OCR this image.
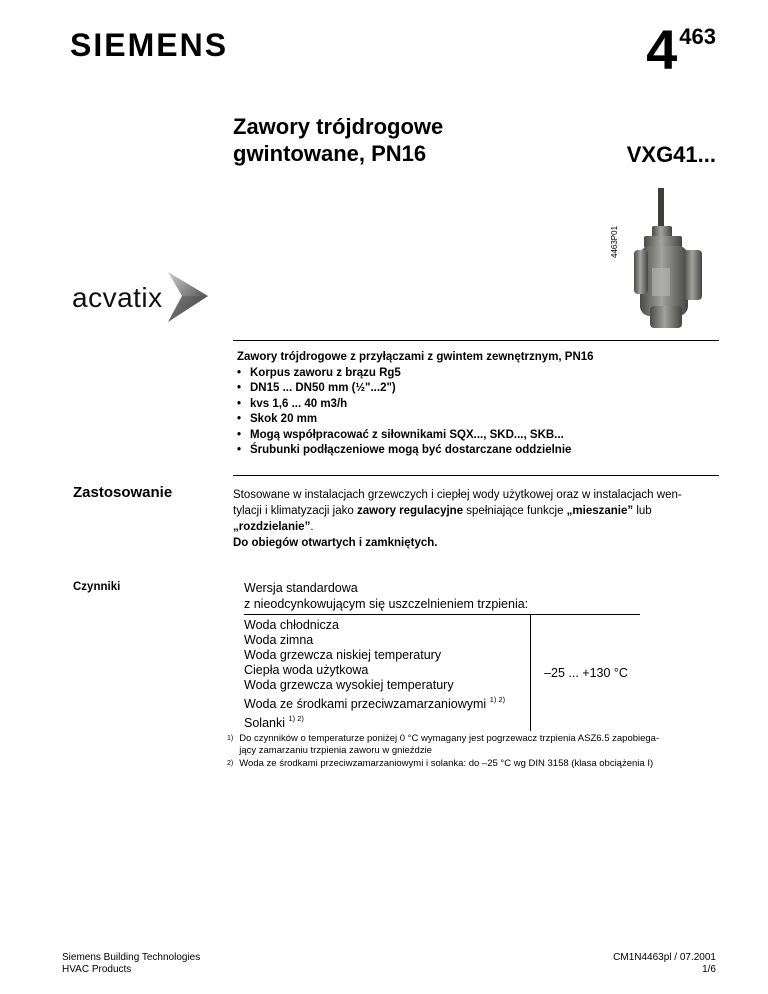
SIEMENS	$4^{463}$
Zawory trójdrogowe
gwintowane, PN16	VXG41...
acvatix
4463P01
Zawory trójdrogowe z przyłączami z gwintem zewnętrznym, PN16
• Korpus zaworu z brązu Rg5
• DN15 ... DN50 mm (½"...2")
• kvs 1,6 ... 40 m3/h
• Skok 20 mm
• Mogą współpracować z siłownikami SQX..., SKD..., SKB...
• Śrubunki podłączeniowe mogą być dostarczane oddzielnie
Zastosowanie	Stosowane w instalacjach grzewczych i ciepłej wody użytkowej oraz w instalacjach wen-
tylacji i klimatyzacji jako zawory regulacyjne spełniające funkcje „mieszanie” lub
„rozdzielanie”.
Do obiegów otwartych i zamkniętych.
Czynniki	Wersja standardowa
z nieodcynkowującym się uszczelnieniem trzpienia:
Woda chłodnicza
Woda zimna
Woda grzewcza niskiej temperatury
Ciepła woda użytkowa
Woda grzewcza wysokiej temperatury
Woda ze środkami przeciwzamarzaniowymi $^{1) 2)}$
Solanki $^{1) 2)}$
–25 ... +130 °C
$^{1)}$ Do czynników o temperaturze poniżej 0 °C wymagany jest pogrzewacz trzpienia ASZ6.5 zapobiega-
jący zamarzaniu trzpienia zaworu w gnieździe
$^{2)}$ Woda ze środkami przeciwzamarzaniowymi i solanka: do –25 °C wg DIN 3158 (klasa obciążenia I)
Siemens Building Technologies
HVAC Products
CM1N4463pl / 07.2001
1/6
